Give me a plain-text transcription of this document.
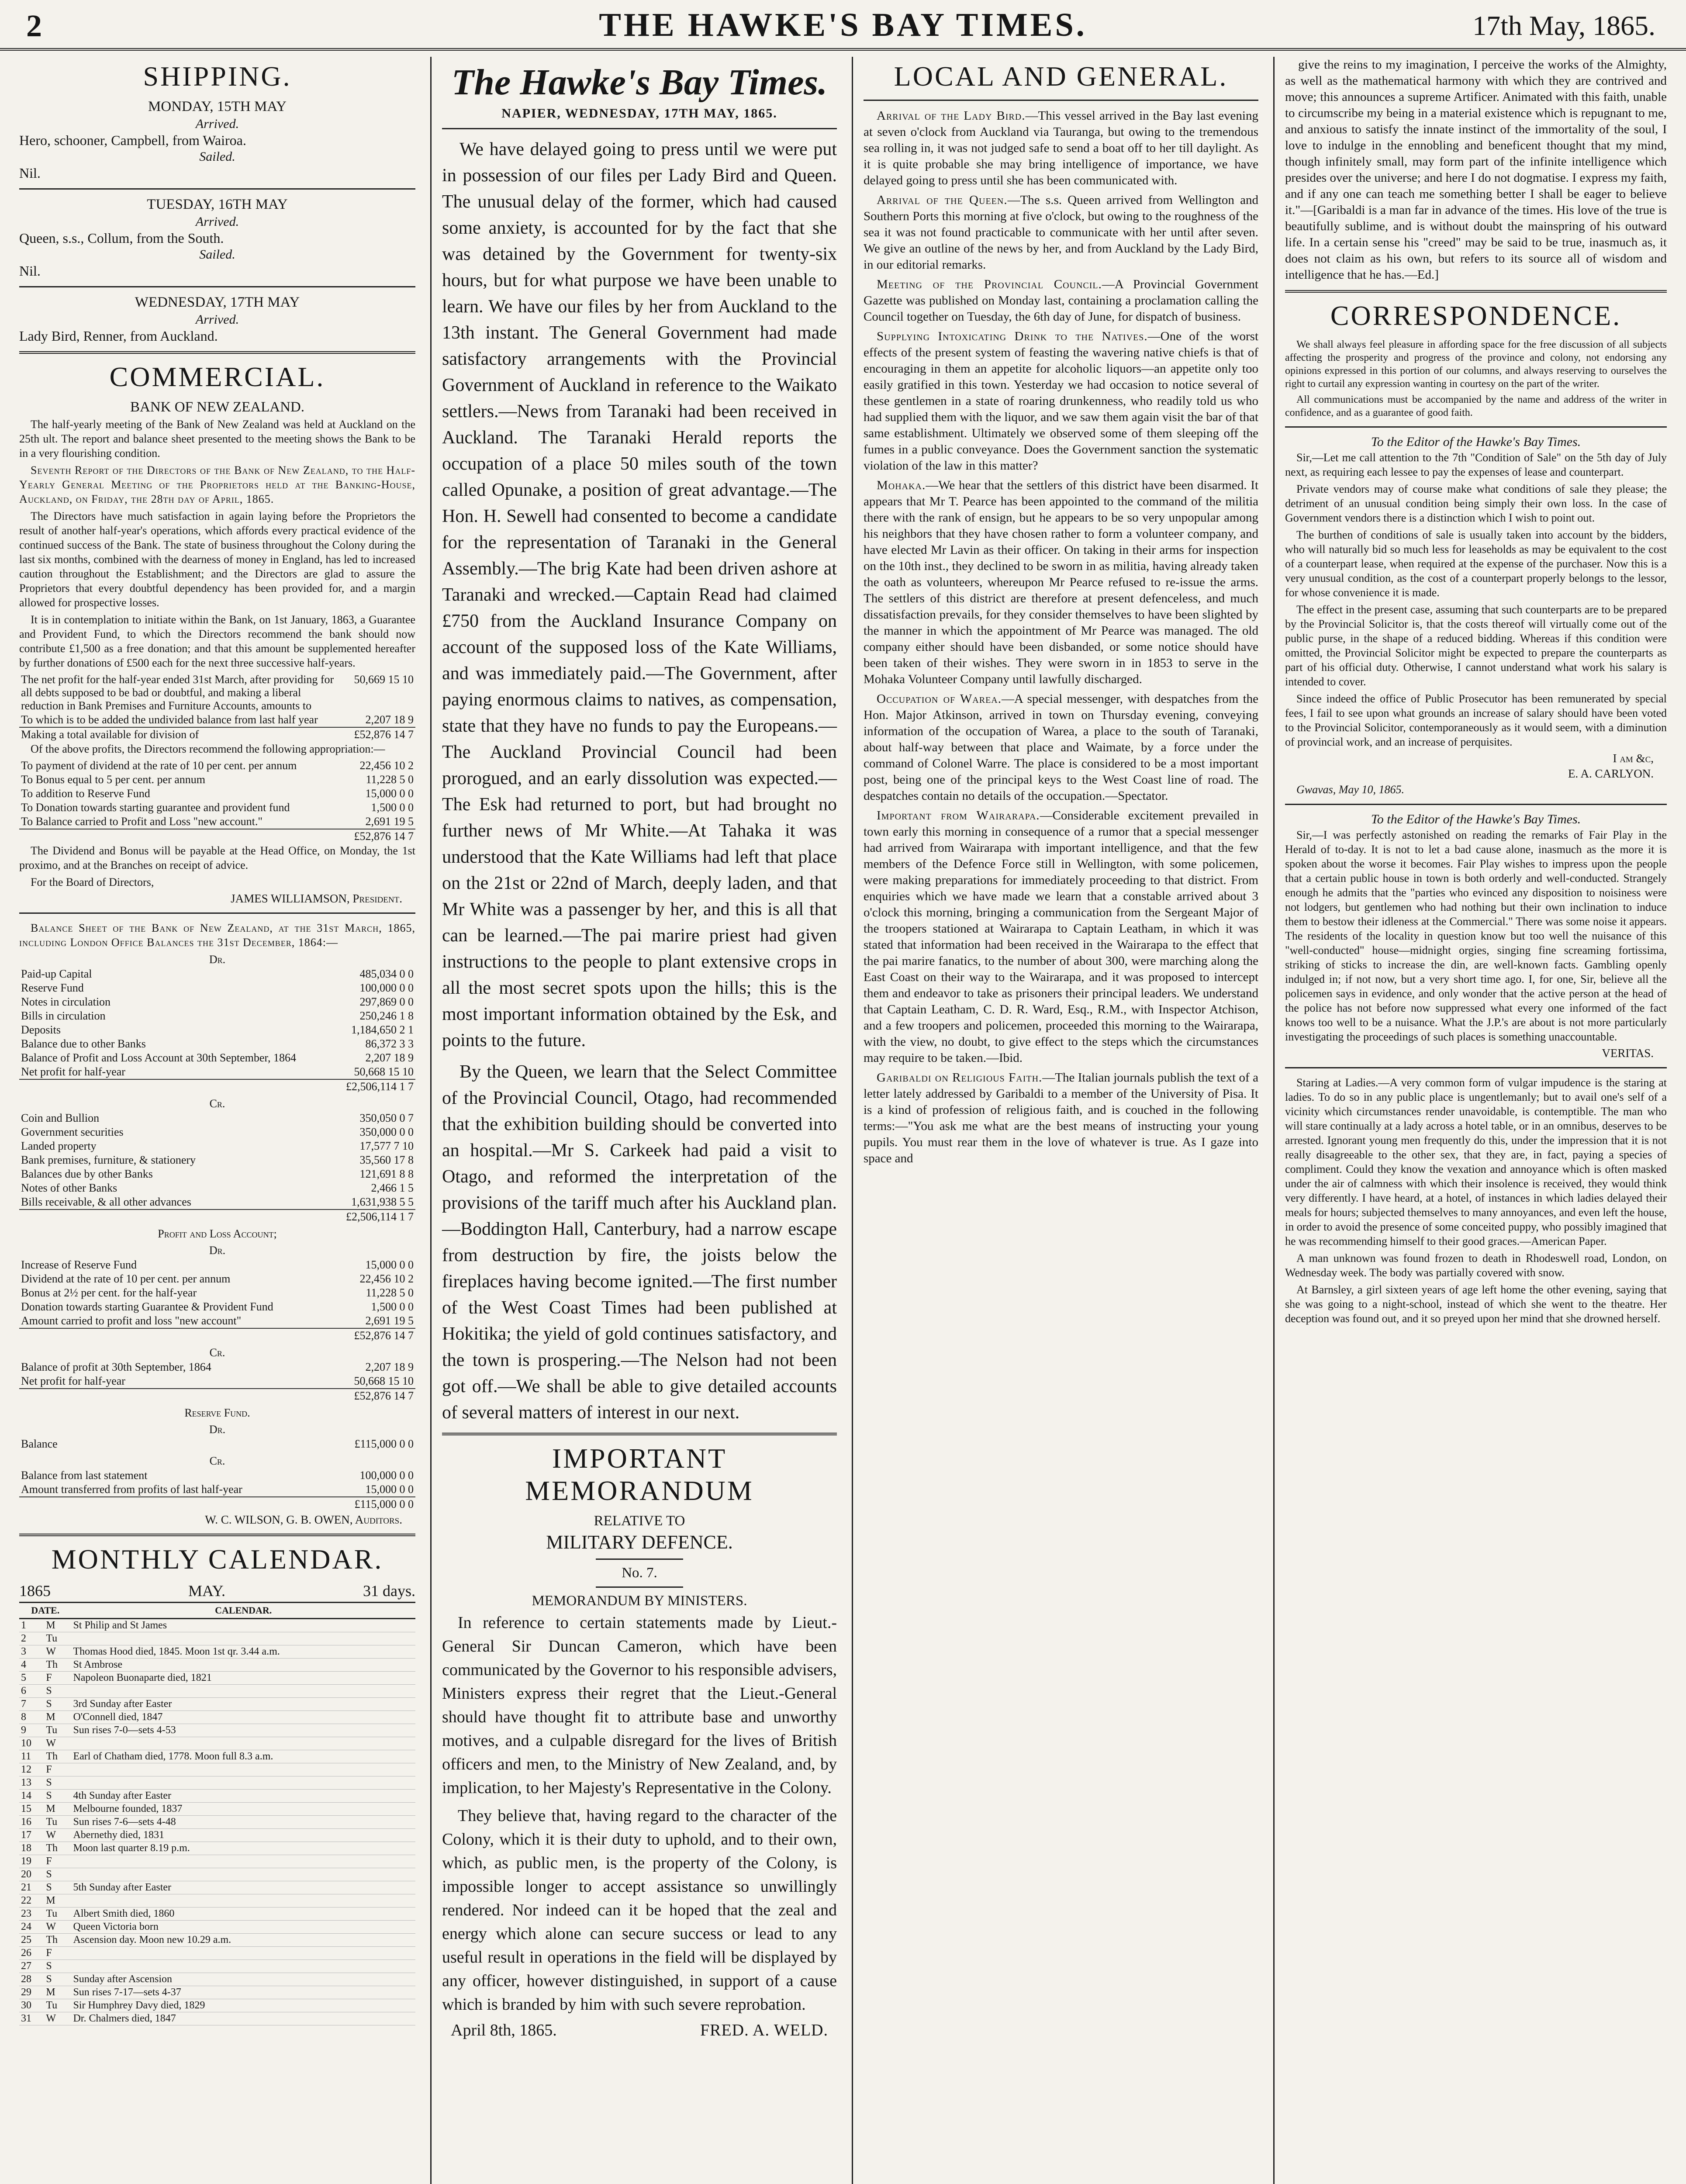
2	THE HAWKE'S BAY TIMES.	17th May, 1865.
SHIPPING.
MONDAY, 15TH MAY
Arrived.
Hero, schooner, Campbell, from Wairoa.
Sailed.
Nil.
TUESDAY, 16TH MAY
Arrived.
Queen, s.s., Collum, from the South.
Sailed.
Nil.
WEDNESDAY, 17TH MAY
Arrived.
Lady Bird, Renner, from Auckland.
COMMERCIAL.
BANK OF NEW ZEALAND.

The half-yearly meeting of the Bank of New Zealand was held at Auckland on the 25th ult. The report and balance sheet presented to the meeting shows the Bank to be in a very flourishing condition.

Seventh Report of the Directors of the Bank of New Zealand, to the Half-Yearly General Meeting of the Proprietors held at the Banking-House, Auckland, on Friday, the 28th day of April, 1865.

The Directors have much satisfaction in again laying before the Proprietors the result of another half-year's operations, which affords every practical evidence of the continued success of the Bank. The state of business throughout the Colony during the last six months, combined with the dearness of money in England, has led to increased caution throughout the Establishment; and the Directors are glad to assure the Proprietors that every doubtful dependency has been provided for, and a margin allowed for prospective losses.

It is in contemplation to initiate within the Bank, on 1st January, 1863, a Guarantee and Provident Fund, to which the Directors recommend the bank should now contribute £1,500 as a free donation; and that this amount be supplemented hereafter by further donations of £500 each for the next three successive half-years.

The net profit for the half-year ended 31st March, after providing for all debts supposed to be bad or doubtful, and making a liberal reduction in Bank Premises and Furniture Accounts, amounts to	50,669 15 10
To which is to be added the undivided balance from last half year	2,207 18 9
Making a total available for division of	£52,876 14 7

Of the above profits, the Directors recommend the following appropriation:—

To payment of dividend at the rate of 10 per cent. per annum	22,456 10 2
To Bonus equal to 5 per cent. per annum	11,228 5 0
To addition to Reserve Fund	15,000 0 0
To Donation towards starting guarantee and provident fund	1,500 0 0
To Balance carried to Profit and Loss "new account."	2,691 19 5
	£52,876 14 7

The Dividend and Bonus will be payable at the Head Office, on Monday, the 1st proximo, and at the Branches on receipt of advice.

For the Board of Directors,
JAMES WILLIAMSON, President.

Balance Sheet of the Bank of New Zealand, at the 31st March, 1865, including London Office Balances the 31st December, 1864:—

Dr.
Paid-up Capital	485,034 0 0
Reserve Fund	100,000 0 0
Notes in circulation	297,869 0 0
Bills in circulation	250,246 1 8
Deposits	1,184,650 2 1
Balance due to other Banks	86,372 3 3
Balance of Profit and Loss Account at 30th September, 1864	2,207 18 9
Net profit for half-year	50,668 15 10
	£2,506,114 1 7
Cr.
Coin and Bullion	350,050 0 7
Government securities	350,000 0 0
Landed property	17,577 7 10
Bank premises, furniture, & stationery	35,560 17 8
Balances due by other Banks	121,691 8 8
Notes of other Banks	2,466 1 5
Bills receivable, & all other advances	1,631,938 5 5
	£2,506,114 1 7
Profit and Loss Account;
Dr.
Increase of Reserve Fund	15,000 0 0
Dividend at the rate of 10 per cent. per annum	22,456 10 2
Bonus at 2½ per cent. for the half-year	11,228 5 0
Donation towards starting Guarantee & Provident Fund	1,500 0 0
Amount carried to profit and loss "new account"	2,691 19 5
	£52,876 14 7
Cr.
Balance of profit at 30th September, 1864	2,207 18 9
Net profit for half-year	50,668 15 10
	£52,876 14 7
Reserve Fund.
Dr.
Balance	£115,000 0 0
Cr.
Balance from last statement	100,000 0 0
Amount transferred from profits of last half-year	15,000 0 0
	£115,000 0 0
W. C. WILSON, G. B. OWEN, Auditors.
MONTHLY CALENDAR.
1865	MAY.	31 days.
DATE.		CALENDAR.
1	M	St Philip and St James
2	Tu	
3	W	Thomas Hood died, 1845. Moon 1st qr. 3.44 a.m.
4	Th	St Ambrose
5	F	Napoleon Buonaparte died, 1821
6	S	
7	S	3rd Sunday after Easter
8	M	O'Connell died, 1847
9	Tu	Sun rises 7-0—sets 4-53
10	W	
11	Th	Earl of Chatham died, 1778. Moon full 8.3 a.m.
12	F	
13	S	
14	S	4th Sunday after Easter
15	M	Melbourne founded, 1837
16	Tu	Sun rises 7-6—sets 4-48
17	W	Abernethy died, 1831
18	Th	Moon last quarter 8.19 p.m.
19	F	
20	S	
21	S	5th Sunday after Easter
22	M	
23	Tu	Albert Smith died, 1860
24	W	Queen Victoria born
25	Th	Ascension day. Moon new 10.29 a.m.
26	F	
27	S	
28	S	Sunday after Ascension
29	M	Sun rises 7-17—sets 4-37
30	Tu	Sir Humphrey Davy died, 1829
31	W	Dr. Chalmers died, 1847
The Hawke's Bay Times.
NAPIER, WEDNESDAY, 17TH MAY, 1865.

We have delayed going to press until we were put in possession of our files per Lady Bird and Queen. The unusual delay of the former, which had caused some anxiety, is accounted for by the fact that she was detained by the Government for twenty-six hours, but for what purpose we have been unable to learn. We have our files by her from Auckland to the 13th instant. The General Government had made satisfactory arrangements with the Provincial Government of Auckland in reference to the Waikato settlers.—News from Taranaki had been received in Auckland. The Taranaki Herald reports the occupation of a place 50 miles south of the town called Opunake, a position of great advantage.—The Hon. H. Sewell had consented to become a candidate for the representation of Taranaki in the General Assembly.—The brig Kate had been driven ashore at Taranaki and wrecked.—Captain Read had claimed £750 from the Auckland Insurance Company on account of the supposed loss of the Kate Williams, and was immediately paid.—The Government, after paying enormous claims to natives, as compensation, state that they have no funds to pay the Europeans.—The Auckland Provincial Council had been prorogued, and an early dissolution was expected.—The Esk had returned to port, but had brought no further news of Mr White.—At Tahaka it was understood that the Kate Williams had left that place on the 21st or 22nd of March, deeply laden, and that Mr White was a passenger by her, and this is all that can be learned.—The pai marire priest had given instructions to the people to plant extensive crops in all the most secret spots upon the hills; this is the most important information obtained by the Esk, and points to the future.

By the Queen, we learn that the Select Committee of the Provincial Council, Otago, had recommended that the exhibition building should be converted into an hospital.—Mr S. Carkeek had paid a visit to Otago, and reformed the interpretation of the provisions of the tariff much after his Auckland plan.—Boddington Hall, Canterbury, had a narrow escape from destruction by fire, the joists below the fireplaces having become ignited.—The first number of the West Coast Times had been published at Hokitika; the yield of gold continues satisfactory, and the town is prospering.—The Nelson had not been got off.—We shall be able to give detailed accounts of several matters of interest in our next.

IMPORTANT MEMORANDUM
RELATIVE TO
MILITARY DEFENCE.
No. 7.
MEMORANDUM BY MINISTERS.

In reference to certain statements made by Lieut.-General Sir Duncan Cameron, which have been communicated by the Governor to his responsible advisers, Ministers express their regret that the Lieut.-General should have thought fit to attribute base and unworthy motives, and a culpable disregard for the lives of British officers and men, to the Ministry of New Zealand, and, by implication, to her Majesty's Representative in the Colony.

They believe that, having regard to the character of the Colony, which it is their duty to uphold, and to their own, which, as public men, is the property of the Colony, is impossible longer to accept assistance so unwillingly rendered. Nor indeed can it be hoped that the zeal and energy which alone can secure success or lead to any useful result in operations in the field will be displayed by any officer, however distinguished, in support of a cause which is branded by him with such severe reprobation.

April 8th, 1865.	FRED. A. WELD.
LOCAL AND GENERAL.

Arrival of the Lady Bird.—This vessel arrived in the Bay last evening at seven o'clock from Auckland via Tauranga, but owing to the tremendous sea rolling in, it was not judged safe to send a boat off to her till daylight. As it is quite probable she may bring intelligence of importance, we have delayed going to press until she has been communicated with.

Arrival of the Queen.—The s.s. Queen arrived from Wellington and Southern Ports this morning at five o'clock, but owing to the roughness of the sea it was not found practicable to communicate with her until after seven. We give an outline of the news by her, and from Auckland by the Lady Bird, in our editorial remarks.

Meeting of the Provincial Council.—A Provincial Government Gazette was published on Monday last, containing a proclamation calling the Council together on Tuesday, the 6th day of June, for dispatch of business.

Supplying Intoxicating Drink to the Natives.—One of the worst effects of the present system of feasting the wavering native chiefs is that of encouraging in them an appetite for alcoholic liquors—an appetite only too easily gratified in this town. Yesterday we had occasion to notice several of these gentlemen in a state of roaring drunkenness, who readily told us who had supplied them with the liquor, and we saw them again visit the bar of that same establishment. Ultimately we observed some of them sleeping off the fumes in a public conveyance. Does the Government sanction the systematic violation of the law in this matter?

Mohaka.—We hear that the settlers of this district have been disarmed. It appears that Mr T. Pearce has been appointed to the command of the militia there with the rank of ensign, but he appears to be so very unpopular among his neighbors that they have chosen rather to form a volunteer company, and have elected Mr Lavin as their officer. On taking in their arms for inspection on the 10th inst., they declined to be sworn in as militia, having already taken the oath as volunteers, whereupon Mr Pearce refused to re-issue the arms. The settlers of this district are therefore at present defenceless, and much dissatisfaction prevails, for they consider themselves to have been slighted by the manner in which the appointment of Mr Pearce was managed. The old company either should have been disbanded, or some notice should have been taken of their wishes. They were sworn in in 1853 to serve in the Mohaka Volunteer Company until lawfully discharged.

Occupation of Warea.—A special messenger, with despatches from the Hon. Major Atkinson, arrived in town on Thursday evening, conveying information of the occupation of Warea, a place to the south of Taranaki, about half-way between that place and Waimate, by a force under the command of Colonel Warre. The place is considered to be a most important post, being one of the principal keys to the West Coast line of road. The despatches contain no details of the occupation.—Spectator.

Important from Wairarapa.—Considerable excitement prevailed in town early this morning in consequence of a rumor that a special messenger had arrived from Wairarapa with important intelligence, and that the few members of the Defence Force still in Wellington, with some policemen, were making preparations for immediately proceeding to that district. From enquiries which we have made we learn that a constable arrived about 3 o'clock this morning, bringing a communication from the Sergeant Major of the troopers stationed at Wairarapa to Captain Leatham, in which it was stated that information had been received in the Wairarapa to the effect that the pai marire fanatics, to the number of about 300, were marching along the East Coast on their way to the Wairarapa, and it was proposed to intercept them and endeavor to take as prisoners their principal leaders. We understand that Captain Leatham, C. D. R. Ward, Esq., R.M., with Inspector Atchison, and a few troopers and policemen, proceeded this morning to the Wairarapa, with the view, no doubt, to give effect to the steps which the circumstances may require to be taken.—Ibid.

Garibaldi on Religious Faith.—The Italian journals publish the text of a letter lately addressed by Garibaldi to a member of the University of Pisa. It is a kind of profession of religious faith, and is couched in the following terms:—"You ask me what are the best means of instructing your young pupils. You must rear them in the love of whatever is true. As I gaze into space and

give the reins to my imagination, I perceive the works of the Almighty, as well as the mathematical harmony with which they are contrived and move; this announces a supreme Artificer. Animated with this faith, unable to circumscribe my being in a material existence which is repugnant to me, and anxious to satisfy the innate instinct of the immortality of the soul, I love to indulge in the ennobling and beneficent thought that my mind, though infinitely small, may form part of the infinite intelligence which presides over the universe; and here I do not dogmatise. I express my faith, and if any one can teach me something better I shall be eager to believe it."—[Garibaldi is a man far in advance of the times. His love of the true is beautifully sublime, and is without doubt the mainspring of his outward life. In a certain sense his "creed" may be said to be true, inasmuch as, it does not claim as his own, but refers to its source all of wisdom and intelligence that he has.—Ed.]

CORRESPONDENCE.

We shall always feel pleasure in affording space for the free discussion of all subjects affecting the prosperity and progress of the province and colony, not endorsing any opinions expressed in this portion of our columns, and always reserving to ourselves the right to curtail any expression wanting in courtesy on the part of the writer.

All communications must be accompanied by the name and address of the writer in confidence, and as a guarantee of good faith.

To the Editor of the Hawke's Bay Times.

Sir,—Let me call attention to the 7th "Condition of Sale" on the 5th day of July next, as requiring each lessee to pay the expenses of lease and counterpart.

Private vendors may of course make what conditions of sale they please; the detriment of an unusual condition being simply their own loss. In the case of Government vendors there is a distinction which I wish to point out.

The burthen of conditions of sale is usually taken into account by the bidders, who will naturally bid so much less for leaseholds as may be equivalent to the cost of a counterpart lease, when required at the expense of the purchaser. Now this is a very unusual condition, as the cost of a counterpart properly belongs to the lessor, for whose convenience it is made.

The effect in the present case, assuming that such counterparts are to be prepared by the Provincial Solicitor is, that the costs thereof will virtually come out of the public purse, in the shape of a reduced bidding. Whereas if this condition were omitted, the Provincial Solicitor might be expected to prepare the counterparts as part of his official duty. Otherwise, I cannot understand what work his salary is intended to cover.

Since indeed the office of Public Prosecutor has been remunerated by special fees, I fail to see upon what grounds an increase of salary should have been voted to the Provincial Solicitor, contemporaneously as it would seem, with a diminution of provincial work, and an increase of perquisites.

I am &c,
E. A. CARLYON.
Gwavas, May 10, 1865.
To the Editor of the Hawke's Bay Times.

Sir,—I was perfectly astonished on reading the remarks of Fair Play in the Herald of to-day. It is not to let a bad cause alone, inasmuch as the more it is spoken about the worse it becomes. Fair Play wishes to impress upon the people that a certain public house in town is both orderly and well-conducted. Strangely enough he admits that the "parties who evinced any disposition to noisiness were not lodgers, but gentlemen who had nothing but their own inclination to induce them to bestow their idleness at the Commercial." There was some noise it appears. The residents of the locality in question know but too well the nuisance of this "well-conducted" house—midnight orgies, singing fine screaming fortissima, striking of sticks to increase the din, are well-known facts. Gambling openly indulged in; if not now, but a very short time ago. I, for one, Sir, believe all the policemen says in evidence, and only wonder that the active person at the head of the police has not before now suppressed what every one informed of the fact knows too well to be a nuisance. What the J.P.'s are about is not more particularly investigating the proceedings of such places is something unaccountable.

VERITAS.

Staring at Ladies.—A very common form of vulgar impudence is the staring at ladies. To do so in any public place is ungentlemanly; but to avail one's self of a vicinity which circumstances render unavoidable, is contemptible. The man who will stare continually at a lady across a hotel table, or in an omnibus, deserves to be arrested. Ignorant young men frequently do this, under the impression that it is not really disagreeable to the other sex, that they are, in fact, paying a species of compliment. Could they know the vexation and annoyance which is often masked under the air of calmness with which their insolence is received, they would think very differently. I have heard, at a hotel, of instances in which ladies delayed their meals for hours; subjected themselves to many annoyances, and even left the house, in order to avoid the presence of some conceited puppy, who possibly imagined that he was recommending himself to their good graces.—American Paper.

A man unknown was found frozen to death in Rhodeswell road, London, on Wednesday week. The body was partially covered with snow.

At Barnsley, a girl sixteen years of age left home the other evening, saying that she was going to a night-school, instead of which she went to the theatre. Her deception was found out, and it so preyed upon her mind that she drowned herself.
